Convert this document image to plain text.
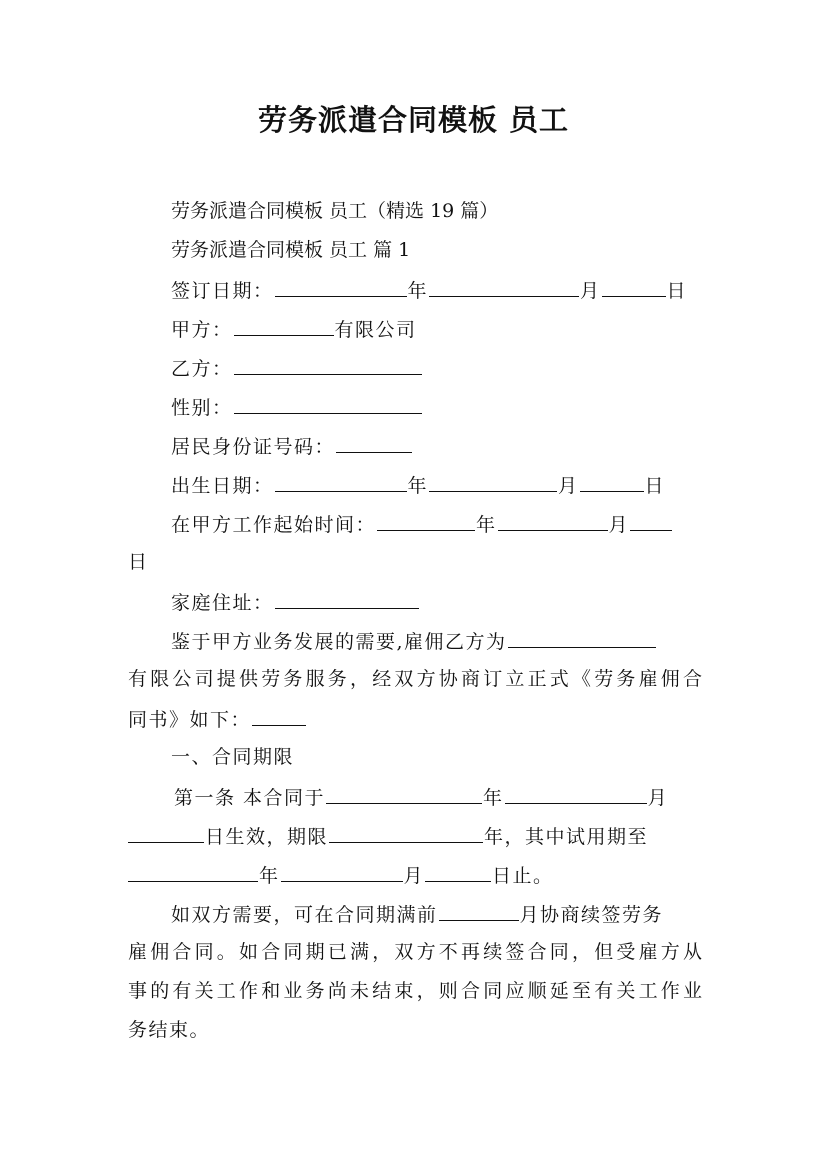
劳务派遣合同模板 员工
劳务派遣合同模板 员工（精选 19 篇）
劳务派遣合同模板 员工 篇 1
签订日期：	年	月	日
甲方：	有限公司
乙方：
性别：
居民身份证号码：
出生日期：	年	月	日
在甲方工作起始时间：	年	月
日
家庭住址：
鉴于甲方业务发展的需要,雇佣乙方为
有限公司提供劳务服务，经双方协商订立正式《劳务雇佣合
同书》如下：
一、合同期限
第一条 本合同于	年	月
日生效，期限	年，其中试用期至
年	月	日止。
如双方需要，可在合同期满前	月协商续签劳务
雇佣合同。如合同期已满，双方不再续签合同，但受雇方从
事的有关工作和业务尚未结束，则合同应顺延至有关工作业
务结束。
